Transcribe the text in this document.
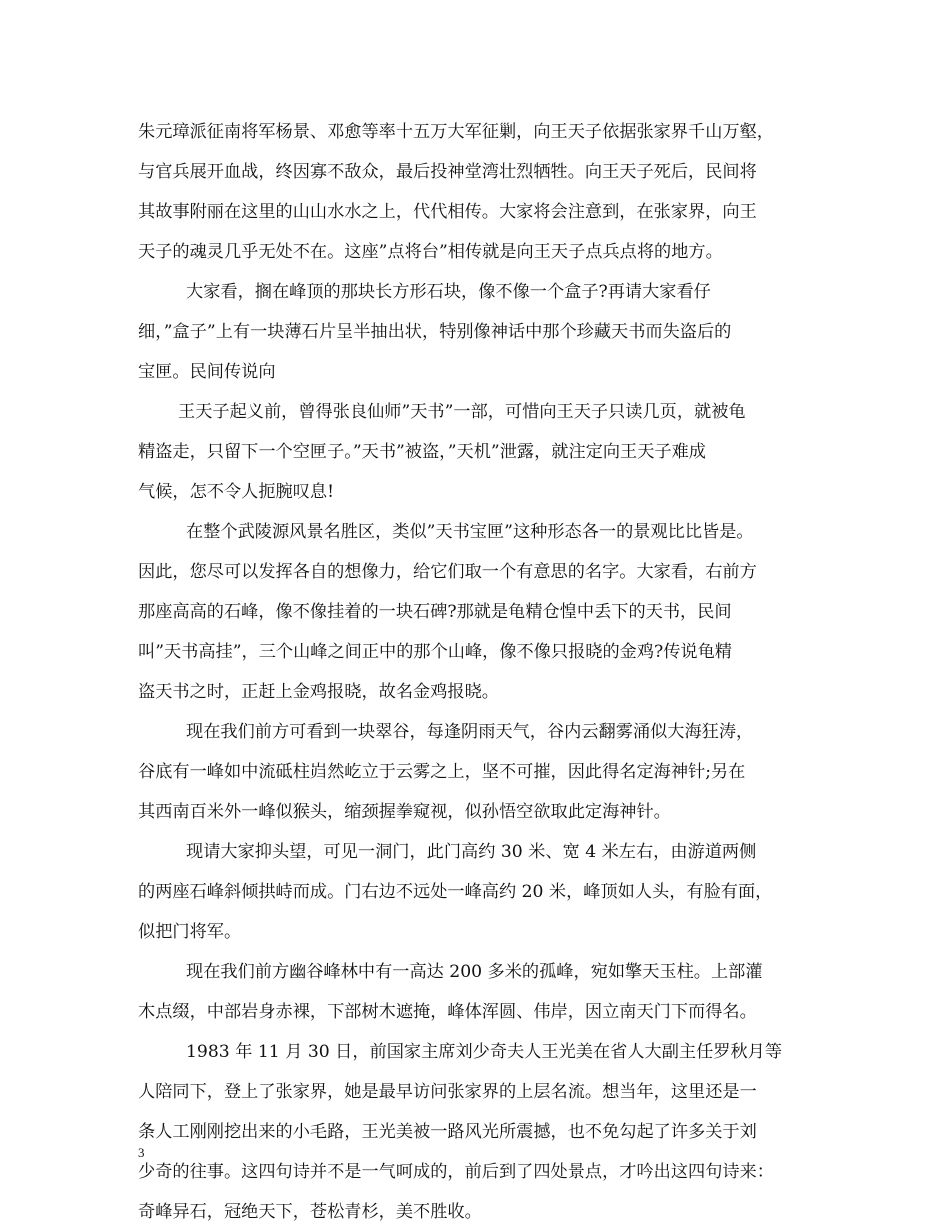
朱元璋派征南将军杨景、邓愈等率十五万大军征剿，向王天子依据张家界千山万壑，
与官兵展开血战，终因寡不敌众，最后投神堂湾壮烈牺牲。向王天子死后，民间将
其故事附丽在这里的山山水水之上，代代相传。大家将会注意到，在张家界，向王
天子的魂灵几乎无处不在。这座”点将台”相传就是向王天子点兵点将的地方。
大家看，搁在峰顶的那块长方形石块，像不像一个盒子?再请大家看仔
细，”盒子”上有一块薄石片呈半抽出状，特别像神话中那个珍藏天书而失盗后的
宝匣。民间传说向
王天子起义前，曾得张良仙师”天书”一部，可惜向王天子只读几页，就被龟
精盗走，只留下一个空匣子。”天书”被盗，”天机”泄露，就注定向王天子难成
气候，怎不令人扼腕叹息!
在整个武陵源风景名胜区，类似”天书宝匣”这种形态各一的景观比比皆是。
因此，您尽可以发挥各自的想像力，给它们取一个有意思的名字。大家看，右前方
那座高高的石峰，像不像挂着的一块石碑?那就是龟精仓惶中丢下的天书，民间
叫”天书高挂”，三个山峰之间正中的那个山峰，像不像只报晓的金鸡?传说龟精
盗天书之时，正赶上金鸡报晓，故名金鸡报晓。
现在我们前方可看到一块翠谷，每逢阴雨天气，谷内云翻雾涌似大海狂涛，
谷底有一峰如中流砥柱岿然屹立于云雾之上，坚不可摧，因此得名定海神针;另在
其西南百米外一峰似猴头，缩颈握拳窥视，似孙悟空欲取此定海神针。
现请大家抑头望，可见一洞门，此门高约 30 米、宽 4 米左右，由游道两侧
的两座石峰斜倾拱峙而成。门右边不远处一峰高约 20 米，峰顶如人头，有脸有面，
似把门将军。
现在我们前方幽谷峰林中有一高达 200 多米的孤峰，宛如擎天玉柱。上部灌
木点缀，中部岩身赤裸，下部树木遮掩，峰体浑圆、伟岸，因立南天门下而得名。
1983 年 11 月 30 日，前国家主席刘少奇夫人王光美在省人大副主任罗秋月等
人陪同下，登上了张家界，她是最早访问张家界的上层名流。想当年，这里还是一
条人工刚刚挖出来的小毛路，王光美被一路风光所震撼，也不免勾起了许多关于刘
少奇的往事。这四句诗并不是一气呵成的，前后到了四处景点，才吟出这四句诗来：
奇峰异石，冠绝天下，苍松青杉，美不胜收。
3
